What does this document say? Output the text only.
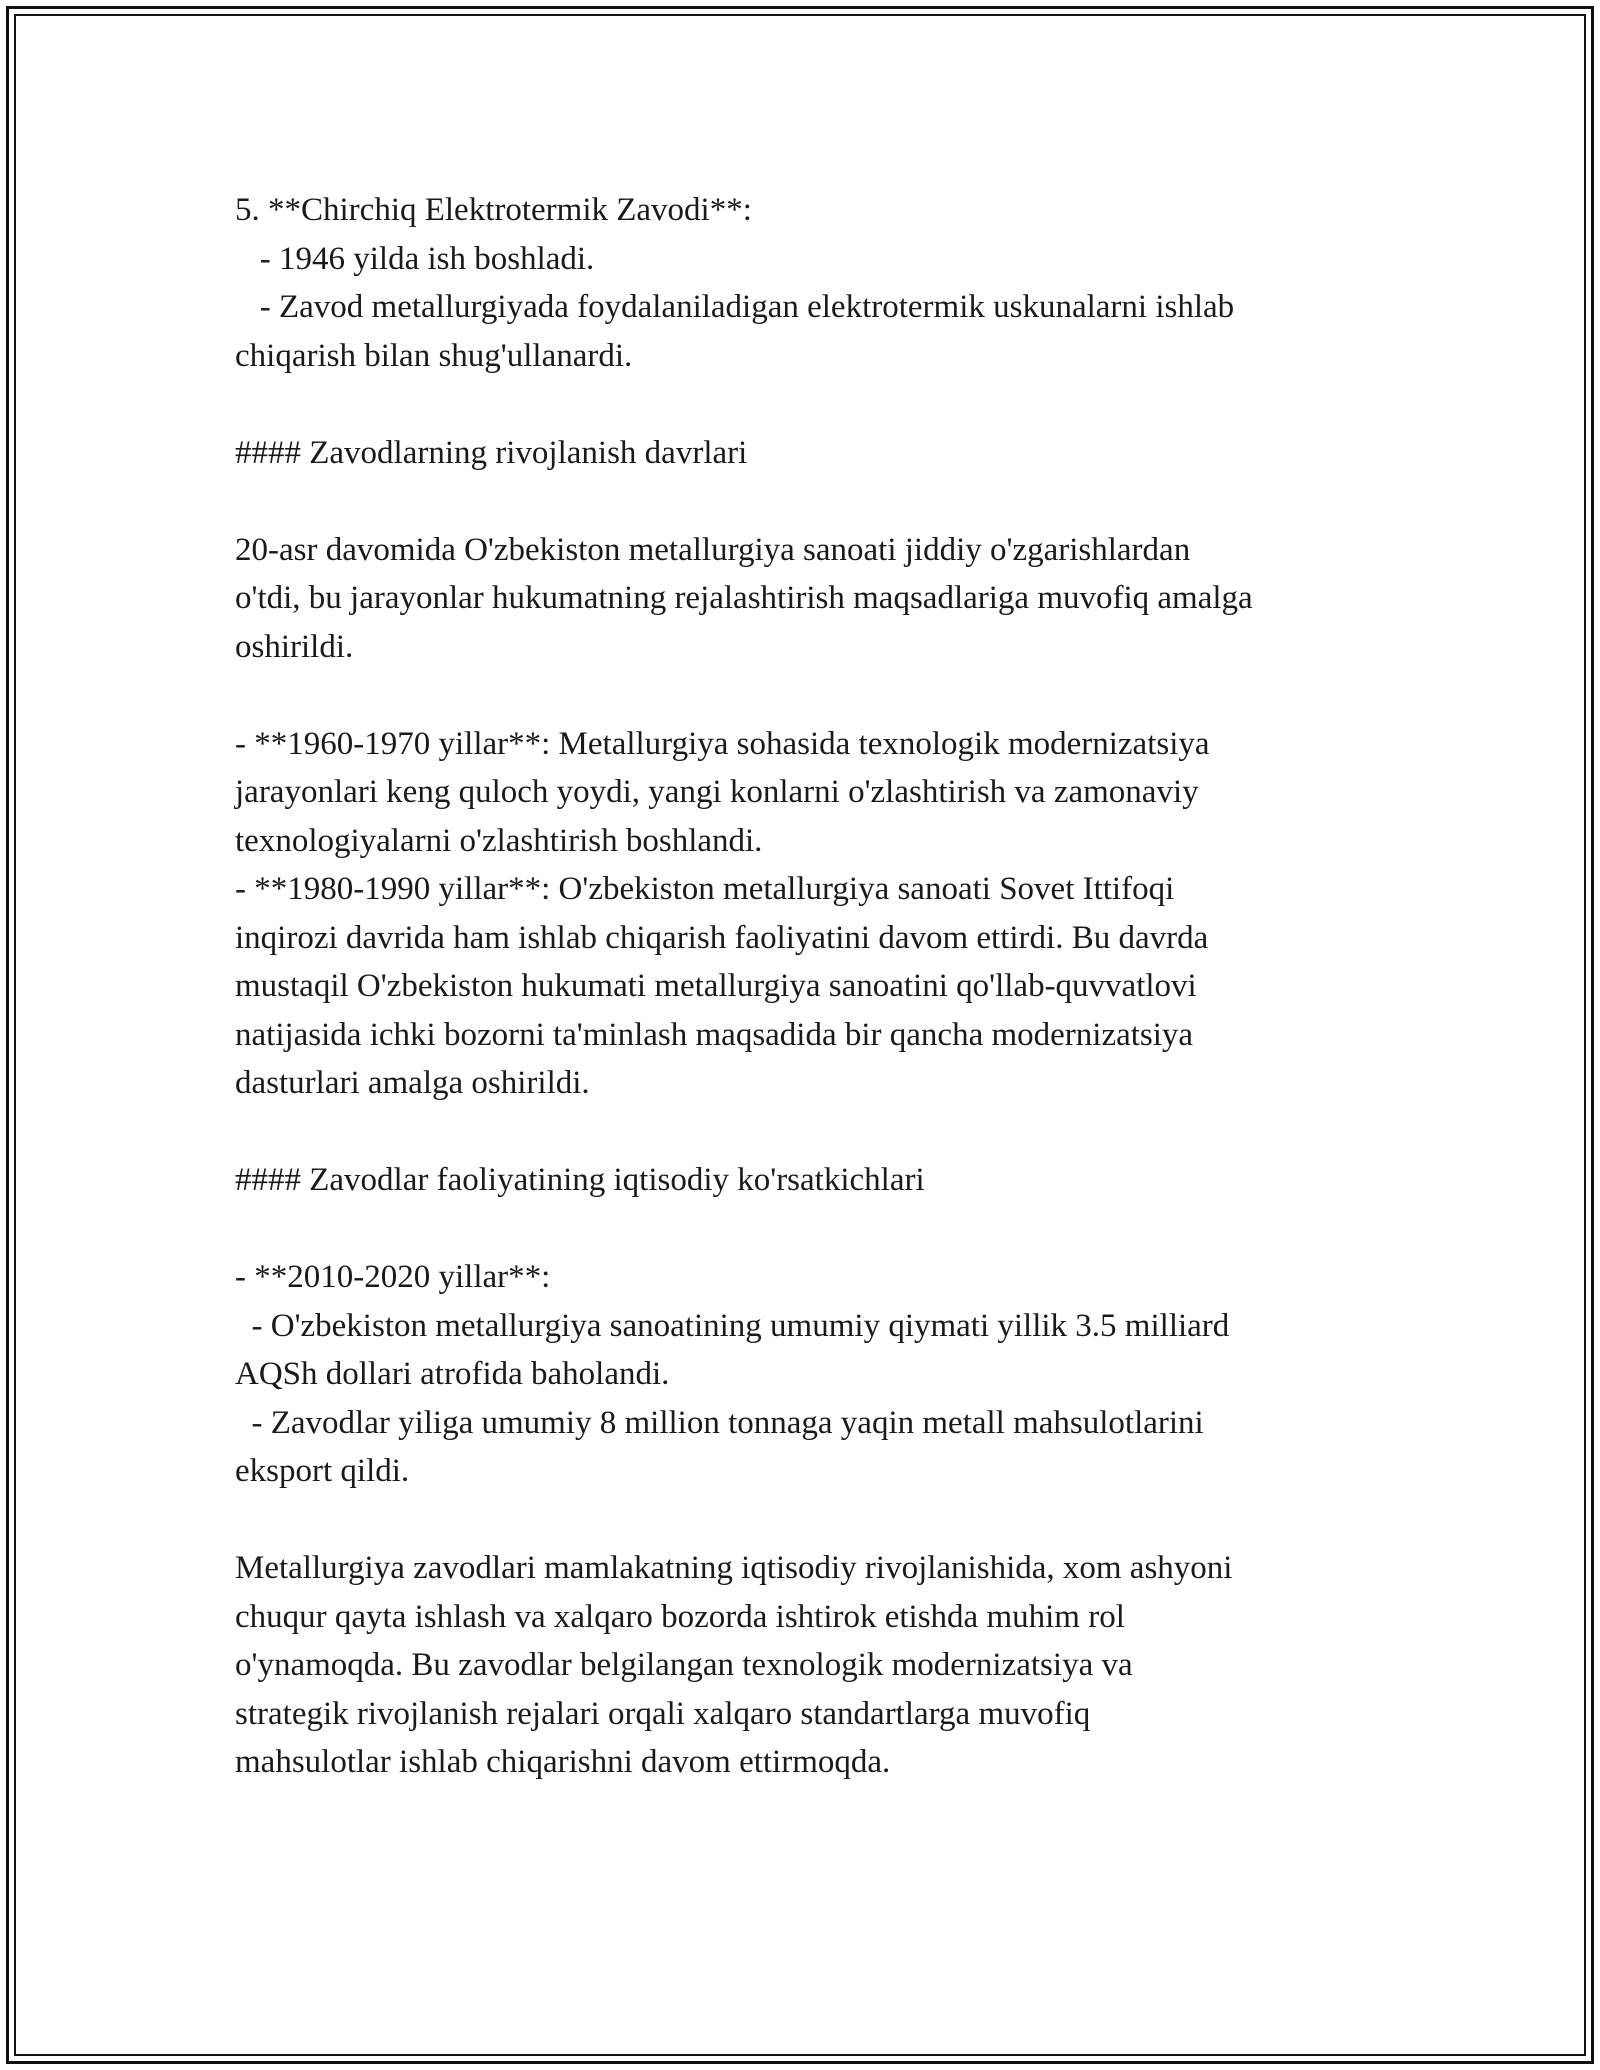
5. **Chirchiq Elektrotermik Zavodi**:

- 1946 yilda ish boshladi.

- Zavod metallurgiyada foydalaniladigan elektrotermik uskunalarni ishlab

chiqarish bilan shug'ullanardi.

#### Zavodlarning rivojlanish davrlari

20-asr davomida O'zbekiston metallurgiya sanoati jiddiy o'zgarishlardan

o'tdi, bu jarayonlar hukumatning rejalashtirish maqsadlariga muvofiq amalga

oshirildi.

- **1960-1970 yillar**: Metallurgiya sohasida texnologik modernizatsiya

jarayonlari keng quloch yoydi, yangi konlarni o'zlashtirish va zamonaviy

texnologiyalarni o'zlashtirish boshlandi.

- **1980-1990 yillar**: O'zbekiston metallurgiya sanoati Sovet Ittifoqi

inqirozi davrida ham ishlab chiqarish faoliyatini davom ettirdi. Bu davrda

mustaqil O'zbekiston hukumati metallurgiya sanoatini qo'llab-quvvatlovi

natijasida ichki bozorni ta'minlash maqsadida bir qancha modernizatsiya

dasturlari amalga oshirildi.

#### Zavodlar faoliyatining iqtisodiy ko'rsatkichlari

- **2010-2020 yillar**:

- O'zbekiston metallurgiya sanoatining umumiy qiymati yillik 3.5 milliard

AQSh dollari atrofida baholandi.

- Zavodlar yiliga umumiy 8 million tonnaga yaqin metall mahsulotlarini

eksport qildi.

Metallurgiya zavodlari mamlakatning iqtisodiy rivojlanishida, xom ashyoni

chuqur qayta ishlash va xalqaro bozorda ishtirok etishda muhim rol

o'ynamoqda. Bu zavodlar belgilangan texnologik modernizatsiya va

strategik rivojlanish rejalari orqali xalqaro standartlarga muvofiq

mahsulotlar ishlab chiqarishni davom ettirmoqda.
